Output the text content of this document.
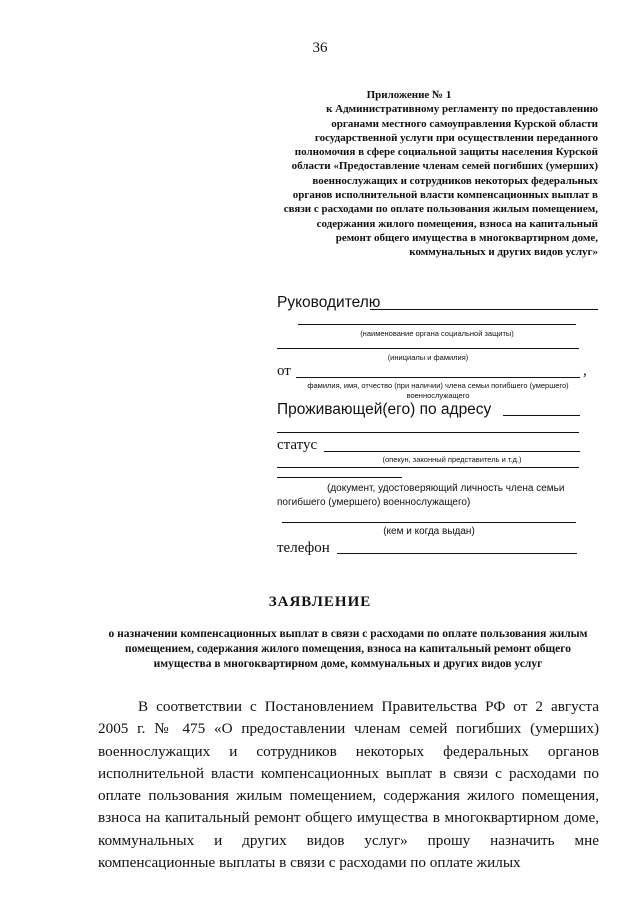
36
Приложение № 1
к Административному регламенту по предоставлению органами местного самоуправления Курской области государственной услуги при осуществлении переданного полномочия в сфере социальной защиты населения Курской области «Предоставление членам семей погибших (умерших) военнослужащих и сотрудников некоторых федеральных органов исполнительной власти компенсационных выплат в связи с расходами по оплате пользования жилым помещением, содержания жилого помещения, взноса на капитальный ремонт общего имущества в многоквартирном доме, коммунальных и других видов услуг»
Руководителю
(наименование органа социальной защиты)
(инициалы и фамилия)
от	,
фамилия, имя, отчество (при наличии) члена семьи погибшего (умершего) военнослужащего
Проживающей(его) по адресу
статус
(опекун, законный представитель и т.д.)
(документ, удостоверяющий личность члена семьи погибшего (умершего) военнослужащего)
(кем и когда выдан)
телефон
ЗАЯВЛЕНИЕ
о назначении компенсационных выплат в связи с расходами по оплате пользования жилым помещением, содержания жилого помещения, взноса на капитальный ремонт общего имущества в многоквартирном доме, коммунальных и других видов услуг
В соответствии с Постановлением Правительства РФ от 2 августа 2005 г. № 475 «О предоставлении членам семей погибших (умерших) военнослужащих и сотрудников некоторых федеральных органов исполнительной власти компенсационных выплат в связи с расходами по оплате пользования жилым помещением, содержания жилого помещения, взноса на капитальный ремонт общего имущества в многоквартирном доме, коммунальных и других видов услуг» прошу назначить мне компенсационные выплаты в связи с расходами по оплате жилых
